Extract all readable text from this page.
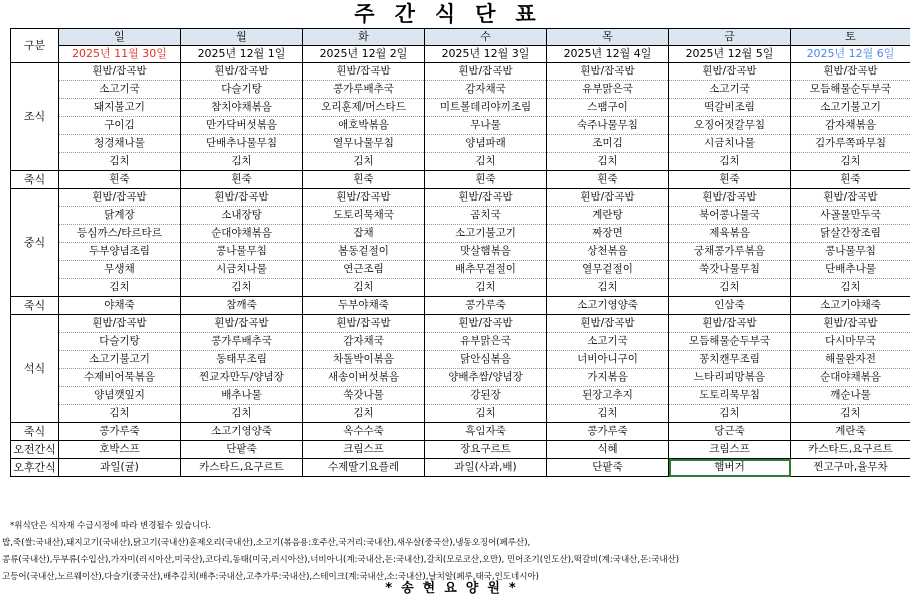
주간식단표
구분	일	월	화	수	목	금	토
	2025년 11월 30일	2025년 12월 1일	2025년 12월 2일	2025년 12월 3일	2025년 12월 4일	2025년 12월 5일	2025년 12월 6일
조식	흰밥/잡곡밥	흰밥/잡곡밥	흰밥/잡곡밥	흰밥/잡곡밥	흰밥/잡곡밥	흰밥/잡곡밥	흰밥/잡곡밥
	소고기국	다슬기탕	콩가루배추국	감자채국	유부맑은국	소고기국	모듬해물순두부국
	돼지불고기	참치야채볶음	오리훈제/머스타드	미트볼데리야끼조림	스팸구이	떡갈비조림	소고기불고기
	구이김	만가닥버섯볶음	애호박볶음	무나물	숙주나물무침	오징어젓갈무침	감자채볶음
	청경채나물	단배추나물무침	열무나물무침	양념파래	조미김	시금치나물	김가루쪽파무침
	김치	김치	김치	김치	김치	김치	김치
죽식	흰죽	흰죽	흰죽	흰죽	흰죽	흰죽	흰죽
중식	흰밥/잡곡밥	흰밥/잡곡밥	흰밥/잡곡밥	흰밥/잡곡밥	흰밥/잡곡밥	흰밥/잡곡밥	흰밥/잡곡밥
	닭계장	소내장탕	도토리묵채국	곰치국	계란탕	북어콩나물국	사골물만두국
	등심까스/타르타르	순대야채볶음	잡채	소고기불고기	짜장면	제육볶음	닭살간장조림
	두부양념조림	콩나물무침	봄동겉절이	맛살햄볶음	상천볶음	궁채콩가루볶음	콩나물무침
	무생채	시금치나물	연근조림	배추무겉절이	열무겉절이	쑥갓나물무침	단배추나물
	김치	김치	김치	김치	김치	김치	김치
죽식	야채죽	참깨죽	두부야채죽	콩가루죽	소고기영양죽	인삼죽	소고기야채죽
석식	흰밥/잡곡밥	흰밥/잡곡밥	흰밥/잡곡밥	흰밥/잡곡밥	흰밥/잡곡밥	흰밥/잡곡밥	흰밥/잡곡밥
	다슬기탕	콩가루배추국	감자채국	유부맑은국	소고기국	모듬해물순두부국	다시마무국
	소고기불고기	동태무조림	차돌박이볶음	닭안심볶음	너비아니구이	꽁치캔무조림	해물완자전
	수제비어묵볶음	찐교자만두/양념장	새송이버섯볶음	양배추쌈/양념장	가지볶음	느타리피망볶음	순대야채볶음
	양념깻잎지	배추나물	쑥갓나물	강된장	된장고추지	도토리묵무침	깨순나물
	김치	김치	김치	김치	김치	김치	김치
죽식	콩가루죽	소고기영양죽	옥수수죽	흑임자죽	콩가루죽	당근죽	계란죽
오전간식	호박스프	단팥죽	크림스프	장요구르트	식혜	크림스프	카스타드,요구르트
오후간식	과일(귤)	카스타드,요구르트	수제딸기요플레	과일(사과,배)	단팥죽	햄버거	찐고구마,율무차
*위식단은 식자재 수급시정에 따라 변경될수 있습니다.
밥,죽(쌀:국내산),돼지고기(국내산),닭고기(국내산)훈제오리(국내산),소고기(볶음용:호주산,국거리:국내산),새우살(중국산),냉동오징어(페루산),
콩류(국내산),두부류(수입산),가자미(러시아산,미국산),코다리,동태(미국,러시아산),너비아니(계:국내산,돈:국내산),갈치(모로코산,오만), 민어조기(인도산),떡갈비(계:국내산,돈:국내산)
고등어(국내산,노르웨이산),다슬기(중국산),배추김치(배추:국내산,고추가루:국내산),스테이크(계:국내산,소:국내산),날치알(페루,태국,인도네시아)
*송현요양원*
